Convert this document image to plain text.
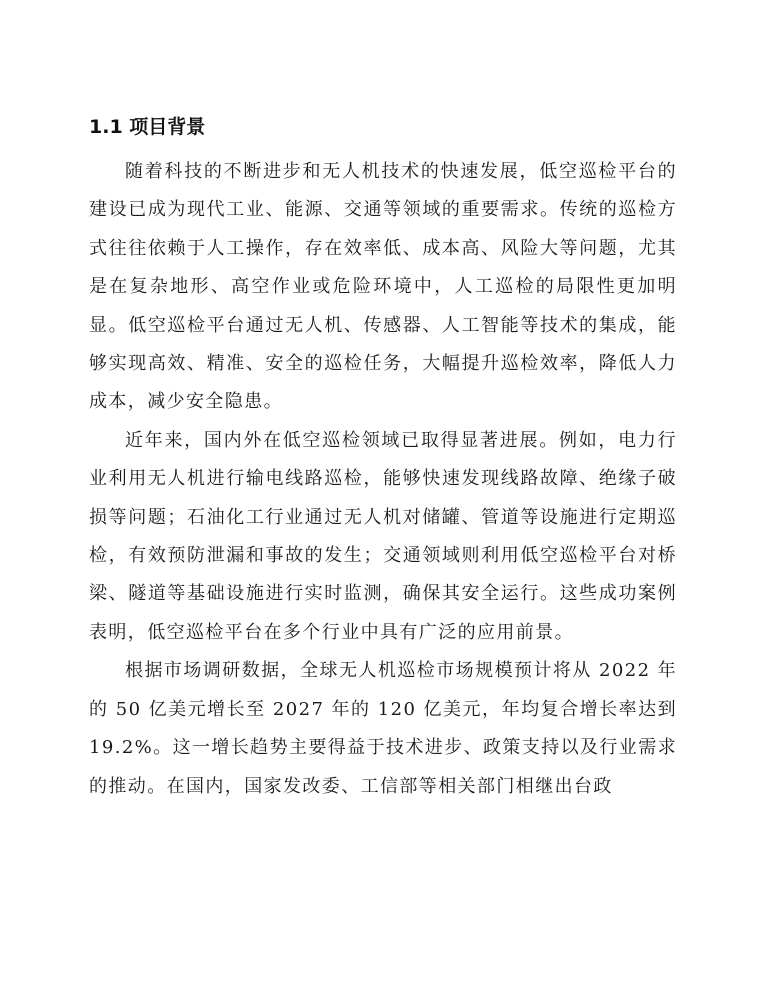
1.1 项目背景

随着科技的不断进步和无人机技术的快速发展，低空巡检平台的建设已成为现代工业、能源、交通等领域的重要需求。传统的巡检方式往往依赖于人工操作，存在效率低、成本高、风险大等问题，尤其是在复杂地形、高空作业或危险环境中，人工巡检的局限性更加明显。低空巡检平台通过无人机、传感器、人工智能等技术的集成，能够实现高效、精准、安全的巡检任务，大幅提升巡检效率，降低人力成本，减少安全隐患。

近年来，国内外在低空巡检领域已取得显著进展。例如，电力行业利用无人机进行输电线路巡检，能够快速发现线路故障、绝缘子破损等问题；石油化工行业通过无人机对储罐、管道等设施进行定期巡检，有效预防泄漏和事故的发生；交通领域则利用低空巡检平台对桥梁、隧道等基础设施进行实时监测，确保其安全运行。这些成功案例表明，低空巡检平台在多个行业中具有广泛的应用前景。

根据市场调研数据，全球无人机巡检市场规模预计将从 2022 年的 50 亿美元增长至 2027 年的 120 亿美元，年均复合增长率达到 19.2%。这一增长趋势主要得益于技术进步、政策支持以及行业需求的推动。在国内，国家发改委、工信部等相关部门相继出台政
